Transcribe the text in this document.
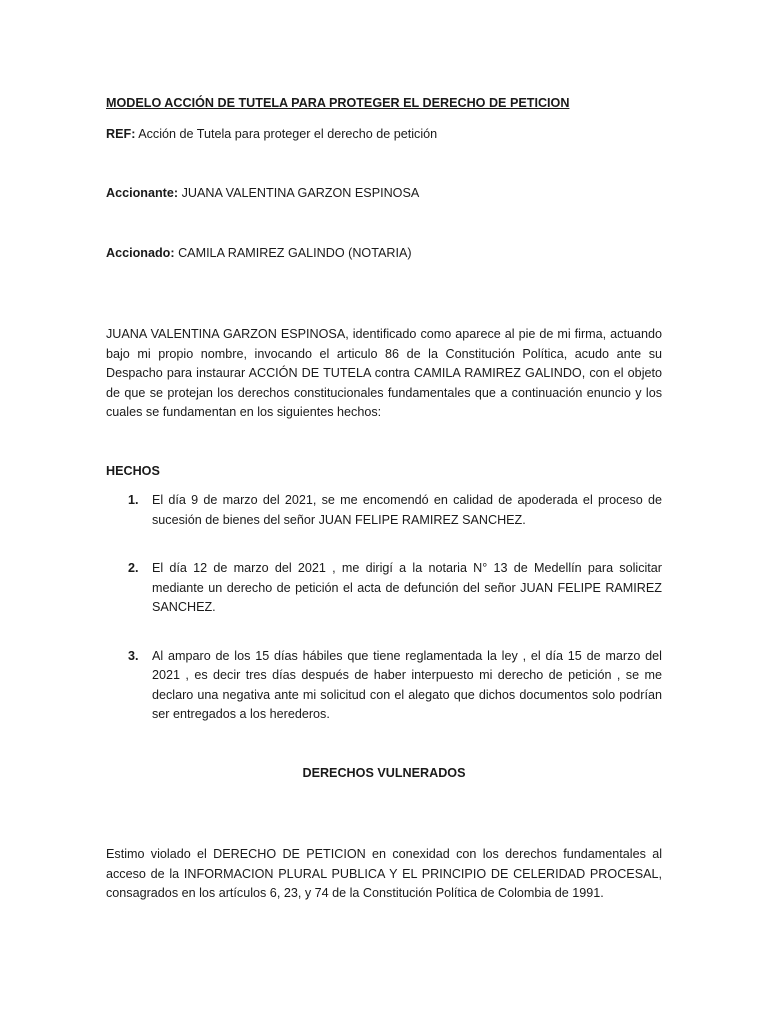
MODELO ACCIÓN DE TUTELA PARA PROTEGER EL DERECHO DE PETICION

REF: Acción de Tutela para proteger el derecho de petición

Accionante: JUANA VALENTINA GARZON ESPINOSA

Accionado: CAMILA RAMIREZ GALINDO (NOTARIA)

JUANA VALENTINA GARZON ESPINOSA, identificado como aparece al pie de mi firma, actuando bajo mi propio nombre, invocando el articulo 86 de la Constitución Política, acudo ante su Despacho para instaurar ACCIÓN DE TUTELA contra CAMILA RAMIREZ GALINDO, con el objeto de que se protejan los derechos constitucionales fundamentales que a continuación enuncio y los cuales se fundamentan en los siguientes hechos:

HECHOS

1. El día 9 de marzo del 2021, se me encomendó en calidad de apoderada el proceso de sucesión de bienes del señor JUAN FELIPE RAMIREZ SANCHEZ.
2. El día 12 de marzo del 2021 , me dirigí a la notaria N° 13 de Medellín para solicitar mediante un derecho de petición el acta de defunción del señor JUAN FELIPE RAMIREZ SANCHEZ.
3. Al amparo de los 15 días hábiles que tiene reglamentada la ley , el día 15 de marzo del 2021 , es decir tres días después de haber interpuesto mi derecho de petición , se me declaro una negativa ante mi solicitud con el alegato que dichos documentos solo podrían ser entregados a los herederos.

DERECHOS VULNERADOS

Estimo violado el DERECHO DE PETICION en conexidad con los derechos fundamentales al acceso de la INFORMACION PLURAL PUBLICA Y EL PRINCIPIO DE CELERIDAD PROCESAL, consagrados en los artículos 6, 23, y 74 de la Constitución Política de Colombia de 1991.
